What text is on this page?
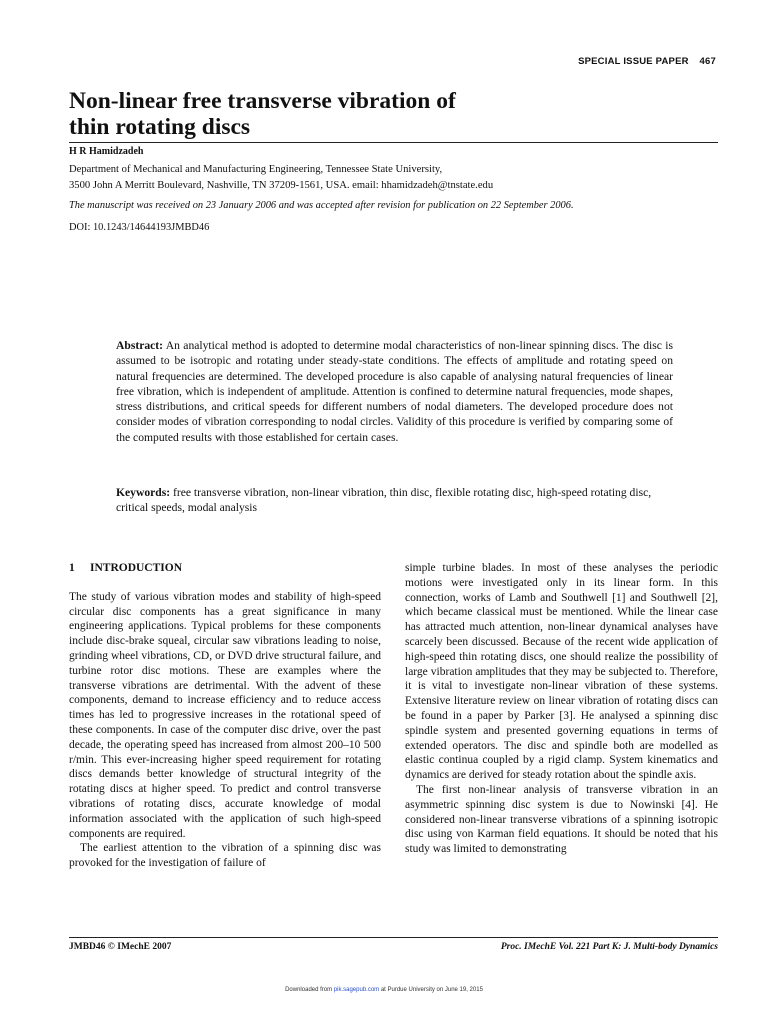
SPECIAL ISSUE PAPER 467
Non-linear free transverse vibration of
thin rotating discs
H R Hamidzadeh
Department of Mechanical and Manufacturing Engineering, Tennessee State University,
3500 John A Merritt Boulevard, Nashville, TN 37209-1561, USA. email: hhamidzadeh@tnstate.edu
The manuscript was received on 23 January 2006 and was accepted after revision for publication on 22 September 2006.
DOI: 10.1243/14644193JMBD46

Abstract: An analytical method is adopted to determine modal characteristics of non-linear spinning discs. The disc is assumed to be isotropic and rotating under steady-state conditions. The effects of amplitude and rotating speed on natural frequencies are determined. The developed procedure is also capable of analysing natural frequencies of linear free vibration, which is independent of amplitude. Attention is confined to determine natural frequencies, mode shapes, stress distributions, and critical speeds for different numbers of nodal diameters. The developed procedure does not consider modes of vibration corresponding to nodal circles. Validity of this procedure is verified by comparing some of the computed results with those established for certain cases.

Keywords: free transverse vibration, non-linear vibration, thin disc, flexible rotating disc, high-speed rotating disc, critical speeds, modal analysis

1 INTRODUCTION

The study of various vibration modes and stability of high-speed circular disc components has a great significance in many engineering applications. Typical problems for these components include disc-brake squeal, circular saw vibrations leading to noise, grinding wheel vibrations, CD, or DVD drive structural failure, and turbine rotor disc motions. These are examples where the transverse vibrations are detrimental. With the advent of these components, demand to increase efficiency and to reduce access times has led to progressive increases in the rotational speed of these components. In case of the computer disc drive, over the past decade, the operating speed has increased from almost 200–10 500 r/min. This ever-increasing higher speed requirement for rotating discs demands better knowledge of structural integrity of the rotating discs at higher speed. To predict and control transverse vibrations of rotating discs, accurate knowledge of modal information associated with the application of such high-speed components are required.

The earliest attention to the vibration of a spinning disc was provoked for the investigation of failure of

simple turbine blades. In most of these analyses the periodic motions were investigated only in its linear form. In this connection, works of Lamb and Southwell [1] and Southwell [2], which became classical must be mentioned. While the linear case has attracted much attention, non-linear dynamical analyses have scarcely been discussed. Because of the recent wide application of high-speed thin rotating discs, one should realize the possibility of large vibration amplitudes that they may be subjected to. Therefore, it is vital to investigate non-linear vibration of these systems. Extensive literature review on linear vibration of rotating discs can be found in a paper by Parker [3]. He analysed a spinning disc spindle system and presented governing equations in terms of extended operators. The disc and spindle both are modelled as elastic continua coupled by a rigid clamp. System kinematics and dynamics are derived for steady rotation about the spindle axis.

The first non-linear analysis of transverse vibration in an asymmetric spinning disc system is due to Nowinski [4]. He considered non-linear transverse vibrations of a spinning isotropic disc using von Karman field equations. It should be noted that his study was limited to demonstrating

JMBD46 © IMechE 2007	Proc. IMechE Vol. 221 Part K: J. Multi-body Dynamics
Downloaded from pik.sagepub.com at Purdue University on June 19, 2015
